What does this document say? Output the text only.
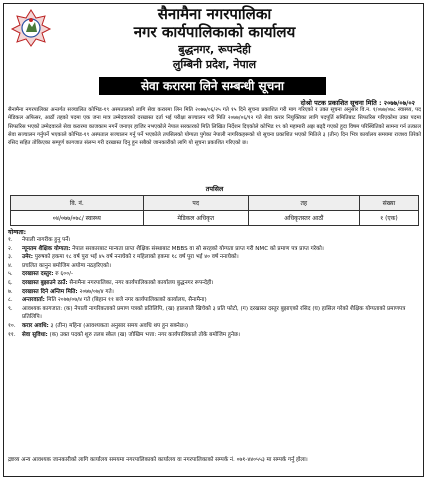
सैनामैना नगरपालिका
नगर कार्यपालिकाको कार्यालय
बुद्धनगर, रूपन्देही
लुम्बिनी प्रदेश, नेपाल
सेवा करारमा लिने सम्बन्धी सूचना
दोश्रो पटक प्रकाशित सूचना मिति : २०७७/०७/०२
सैनामैना नगरपालिका अन्तर्गत सञ्चालित कोभिड-१९ अस्पतालको लागि सेवा करारमा लिन मिति २०७७/०६/२५ गते १५ दिने सूचना प्रकाशित गरी माग गरिएको र उक्त सूचना अनुसार वि.न. १/०७७/०७८ स्वास्थ्य, पद मेडिकल अफिसर, आठौं तहको पदमा एक जना मात्र उम्मेदवारको दरखास्त दर्ता भई परीक्षा सञ्चालन गरी मिति २०७७/०६/१२ गते सेवा करार नियुक्तिका लागि पदपूर्ति समितिबाट सिफारिस गरिएकोमा उक्त पदमा सिफारिस भएको उम्मेदवारले सेवा करारमा काजकाम नगर्ने जनाएर हाजिर नभएकोले नेपाल सरकारको मिति लिखित निर्देशन दिएकोले कोभिड १९ को महामारी अझ बढ्दै गएको हुदा विषम परिस्थितिको सामना गर्न तत्काल सेवा सञ्चालन गर्नुपर्ने भएकाले कोभिड-१९ अस्पताल सञ्चालन गर्नु पर्ने भएकोले तपसिलको योग्यता पुगेका नेपाली नागरिकहरूको यो सूचना प्रकाशित भएको मितिले ३ (तीन) दिन भित्र कार्यालय समयमा राजश्व तिरेको रसिद सहित तोकिएका सम्पूर्ण कागजात संलग्न गरी दरखास्त दिनु हुन सबैको जानकारीको लागि यो सूचना प्रकाशित गरिएको छ।
तपसिल
वि. नं.	पद	तह	संख्या
०४/०७७/०७८/ स्वास्थ्य	मेडिकल अधिकृत	अधिकृतस्तर आठौं	१ (एक)
योग्यता:
१.	नेपाली नागरीक हुनु पर्ने।
२.	न्यूनतम शैक्षिक योग्यता: नेपाल सरकारबाट मान्यता प्राप्त शैक्षिक संस्थाबाट MBBS वा सो सरहको योग्यता प्राप्त गरी NMC को प्रमाण पत्र प्राप्त गरेको।
३.	उमेर: पुरुषको हकमा १८ वर्ष पुरा भई ४५ वर्ष ननाघेको र महिलाको हकमा १८ वर्ष पुरा भई ४० वर्ष ननाघेको।
४.	प्रचलित कानुन बमोजिम अयोग्य नठहरिएको।
५.	दरखास्त दस्तुर: रु ६००/-
६.	दरखास्त बुझाउने ठाउँ: सैनामैना नगरपालिका, नगर कार्यपालिकाको कार्यालय बुद्धनगर रूपन्देही।
७.	दरखास्त दिने अन्तिम मिति: २०७७/०७/४ गते।
८.	अन्तरवार्ता: मिति २०७७/०७/४ गते (बिहान ११ बजे नगर कार्यपालिकाको कार्यालय, सैनामैना)
९.	आवश्यक कागजात: (क) नेपाली नागरिकताको प्रमाण पत्रको प्रतिलिपि, (ख) हालसालै खिचेको ३ प्रति फोटो, (ग) दरखास्त दस्तुर बुझाएको रसिद (घ) हासिल गरेको शैक्षिक योग्यताको प्रमाणपत्र प्रतिलिपि।
१०.	करार अवधि: ३ (तीन) महिना (आवश्यकता अनुसार समय अवधि थप हुन सक्नेछ।)
११.	सेवा सुविधा: (क) उक्त पदको शुरु तलब स्केल (ख) जोखिम भत्ता: नगर कार्यपालिकाले तोके बमोजिम हुनेछ।
द्रष्टव्य अन्य आवश्यक जानकारीको लागि कार्यालय समयमा नगरपालिकाको कार्यालय वा नगरपालिकाको सम्पर्क नं. ०७१-४४०५५३ मा सम्पर्क गर्नु होला।
